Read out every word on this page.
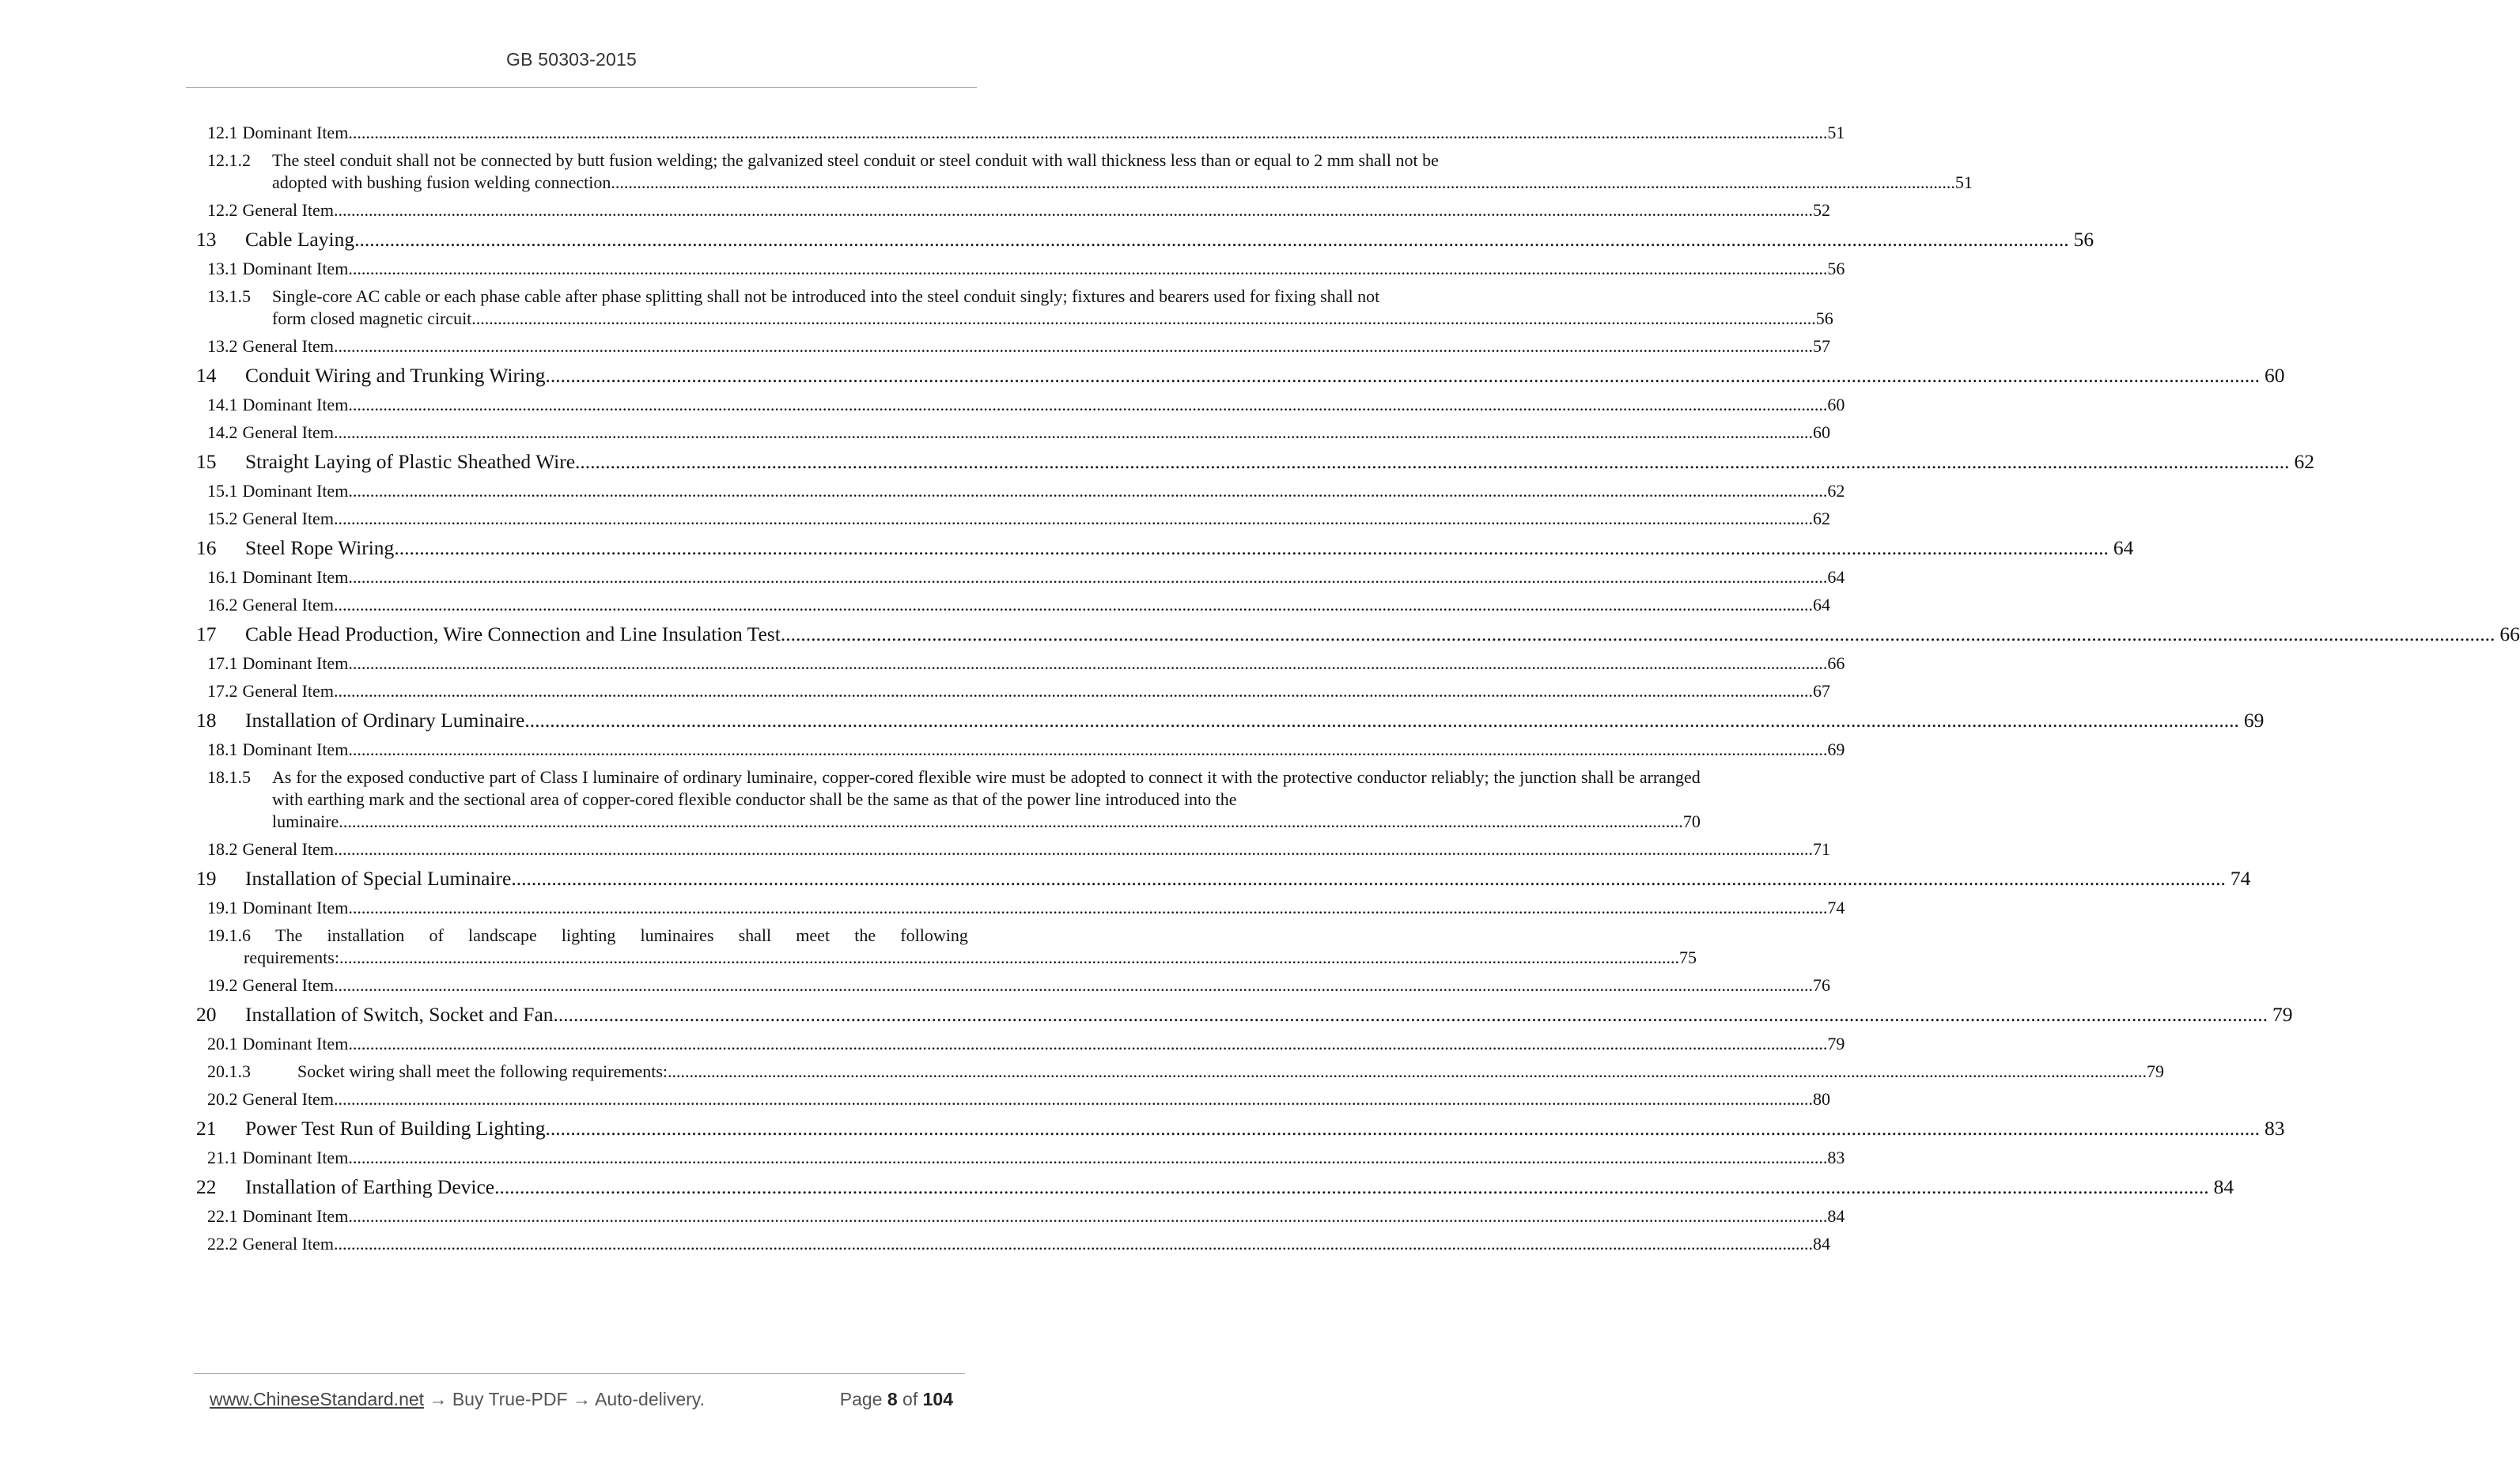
GB 50303-2015
12.1 Dominant Item .....	51
12.1.2	The steel conduit shall not be connected by butt fusion welding; the galvanized steel conduit or steel conduit with wall thickness less than or equal to 2 mm shall not be
adopted with bushing fusion welding connection. .....	51
12.2 General Item .....	52
13	Cable Laying .....	56
13.1 Dominant Item .....	56
13.1.5	Single-core AC cable or each phase cable after phase splitting shall not be introduced into the steel conduit singly; fixtures and bearers used for fixing shall not
form closed magnetic circuit. .....	56
13.2 General Item .....	57
14	Conduit Wiring and Trunking Wiring .....	60
14.1 Dominant Item .....	60
14.2 General Item .....	60
15	Straight Laying of Plastic Sheathed Wire .....	62
15.1 Dominant Item .....	62
15.2 General Item .....	62
16	Steel Rope Wiring .....	64
16.1 Dominant Item .....	64
16.2 General Item .....	64
17	Cable Head Production, Wire Connection and Line Insulation Test .....	66
17.1 Dominant Item .....	66
17.2 General Item .....	67
18	Installation of Ordinary Luminaire .....	69
18.1 Dominant Item .....	69
18.1.5	As for the exposed conductive part of Class I luminaire of ordinary luminaire, copper-cored flexible wire must be adopted to connect it with the protective conductor reliably; the junction shall be arranged with earthing mark and the sectional area of copper-cored flexible conductor shall be the same as that of the power line introduced into the
luminaire. .....	70
18.2 General Item .....	71
19	Installation of Special Luminaire .....	74
19.1 Dominant Item .....	74
19.1.6 The installation of landscape lighting luminaires shall meet the following
requirements: .....	75
19.2 General Item .....	76
20	Installation of Switch, Socket and Fan .....	79
20.1 Dominant Item .....	79
20.1.3	Socket wiring shall meet the following requirements: .....	79
20.2 General Item .....	80
21	Power Test Run of Building Lighting .....	83
21.1 Dominant Item .....	83
22	Installation of Earthing Device .....	84
22.1 Dominant Item .....	84
22.2 General Item .....	84
www.ChineseStandard.net → Buy True-PDF → Auto-delivery.	Page 8 of 104
